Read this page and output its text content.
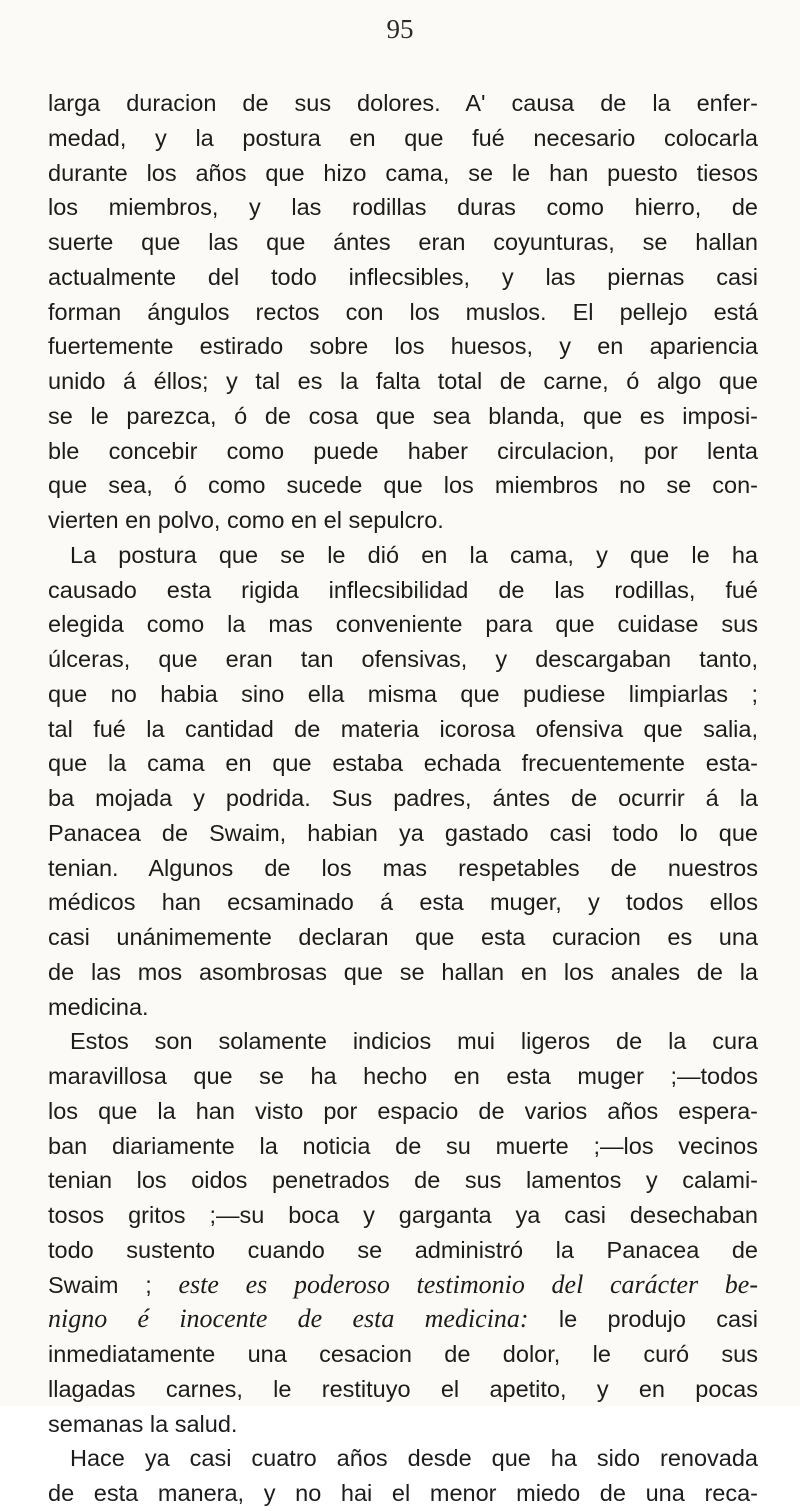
95
larga duracion de sus dolores. A' causa de la enfer-
medad, y la postura en que fué necesario colocarla
durante los años que hizo cama, se le han puesto tiesos
los miembros, y las rodillas duras como hierro, de
suerte que las que ántes eran coyunturas, se hallan
actualmente del todo inflecsibles, y las piernas casi
forman ángulos rectos con los muslos. El pellejo está
fuertemente estirado sobre los huesos, y en apariencia
unido á éllos; y tal es la falta total de carne, ó algo que
se le parezca, ó de cosa que sea blanda, que es imposi-
ble concebir como puede haber circulacion, por lenta
que sea, ó como sucede que los miembros no se con-
vierten en polvo, como en el sepulcro.
La postura que se le dió en la cama, y que le ha
causado esta rigida inflecsibilidad de las rodillas, fué
elegida como la mas conveniente para que cuidase sus
úlceras, que eran tan ofensivas, y descargaban tanto,
que no habia sino ella misma que pudiese limpiarlas ;
tal fué la cantidad de materia icorosa ofensiva que salia,
que la cama en que estaba echada frecuentemente esta-
ba mojada y podrida. Sus padres, ántes de ocurrir á la
Panacea de Swaim, habian ya gastado casi todo lo que
tenian. Algunos de los mas respetables de nuestros
médicos han ecsaminado á esta muger, y todos ellos
casi unánimemente declaran que esta curacion es una
de las mos asombrosas que se hallan en los anales de la
medicina.
Estos son solamente indicios mui ligeros de la cura
maravillosa que se ha hecho en esta muger ;—todos
los que la han visto por espacio de varios años espera-
ban diariamente la noticia de su muerte ;—los vecinos
tenian los oidos penetrados de sus lamentos y calami-
tosos gritos ;—su boca y garganta ya casi desechaban
todo sustento cuando se administró la Panacea de
Swaim ; este es poderoso testimonio del carácter be-
nigno é inocente de esta medicina: le produjo casi
inmediatamente una cesacion de dolor, le curó sus
llagadas carnes, le restituyo el apetito, y en pocas
semanas la salud.
Hace ya casi cuatro años desde que ha sido renovada
de esta manera, y no hai el menor miedo de una reca-
